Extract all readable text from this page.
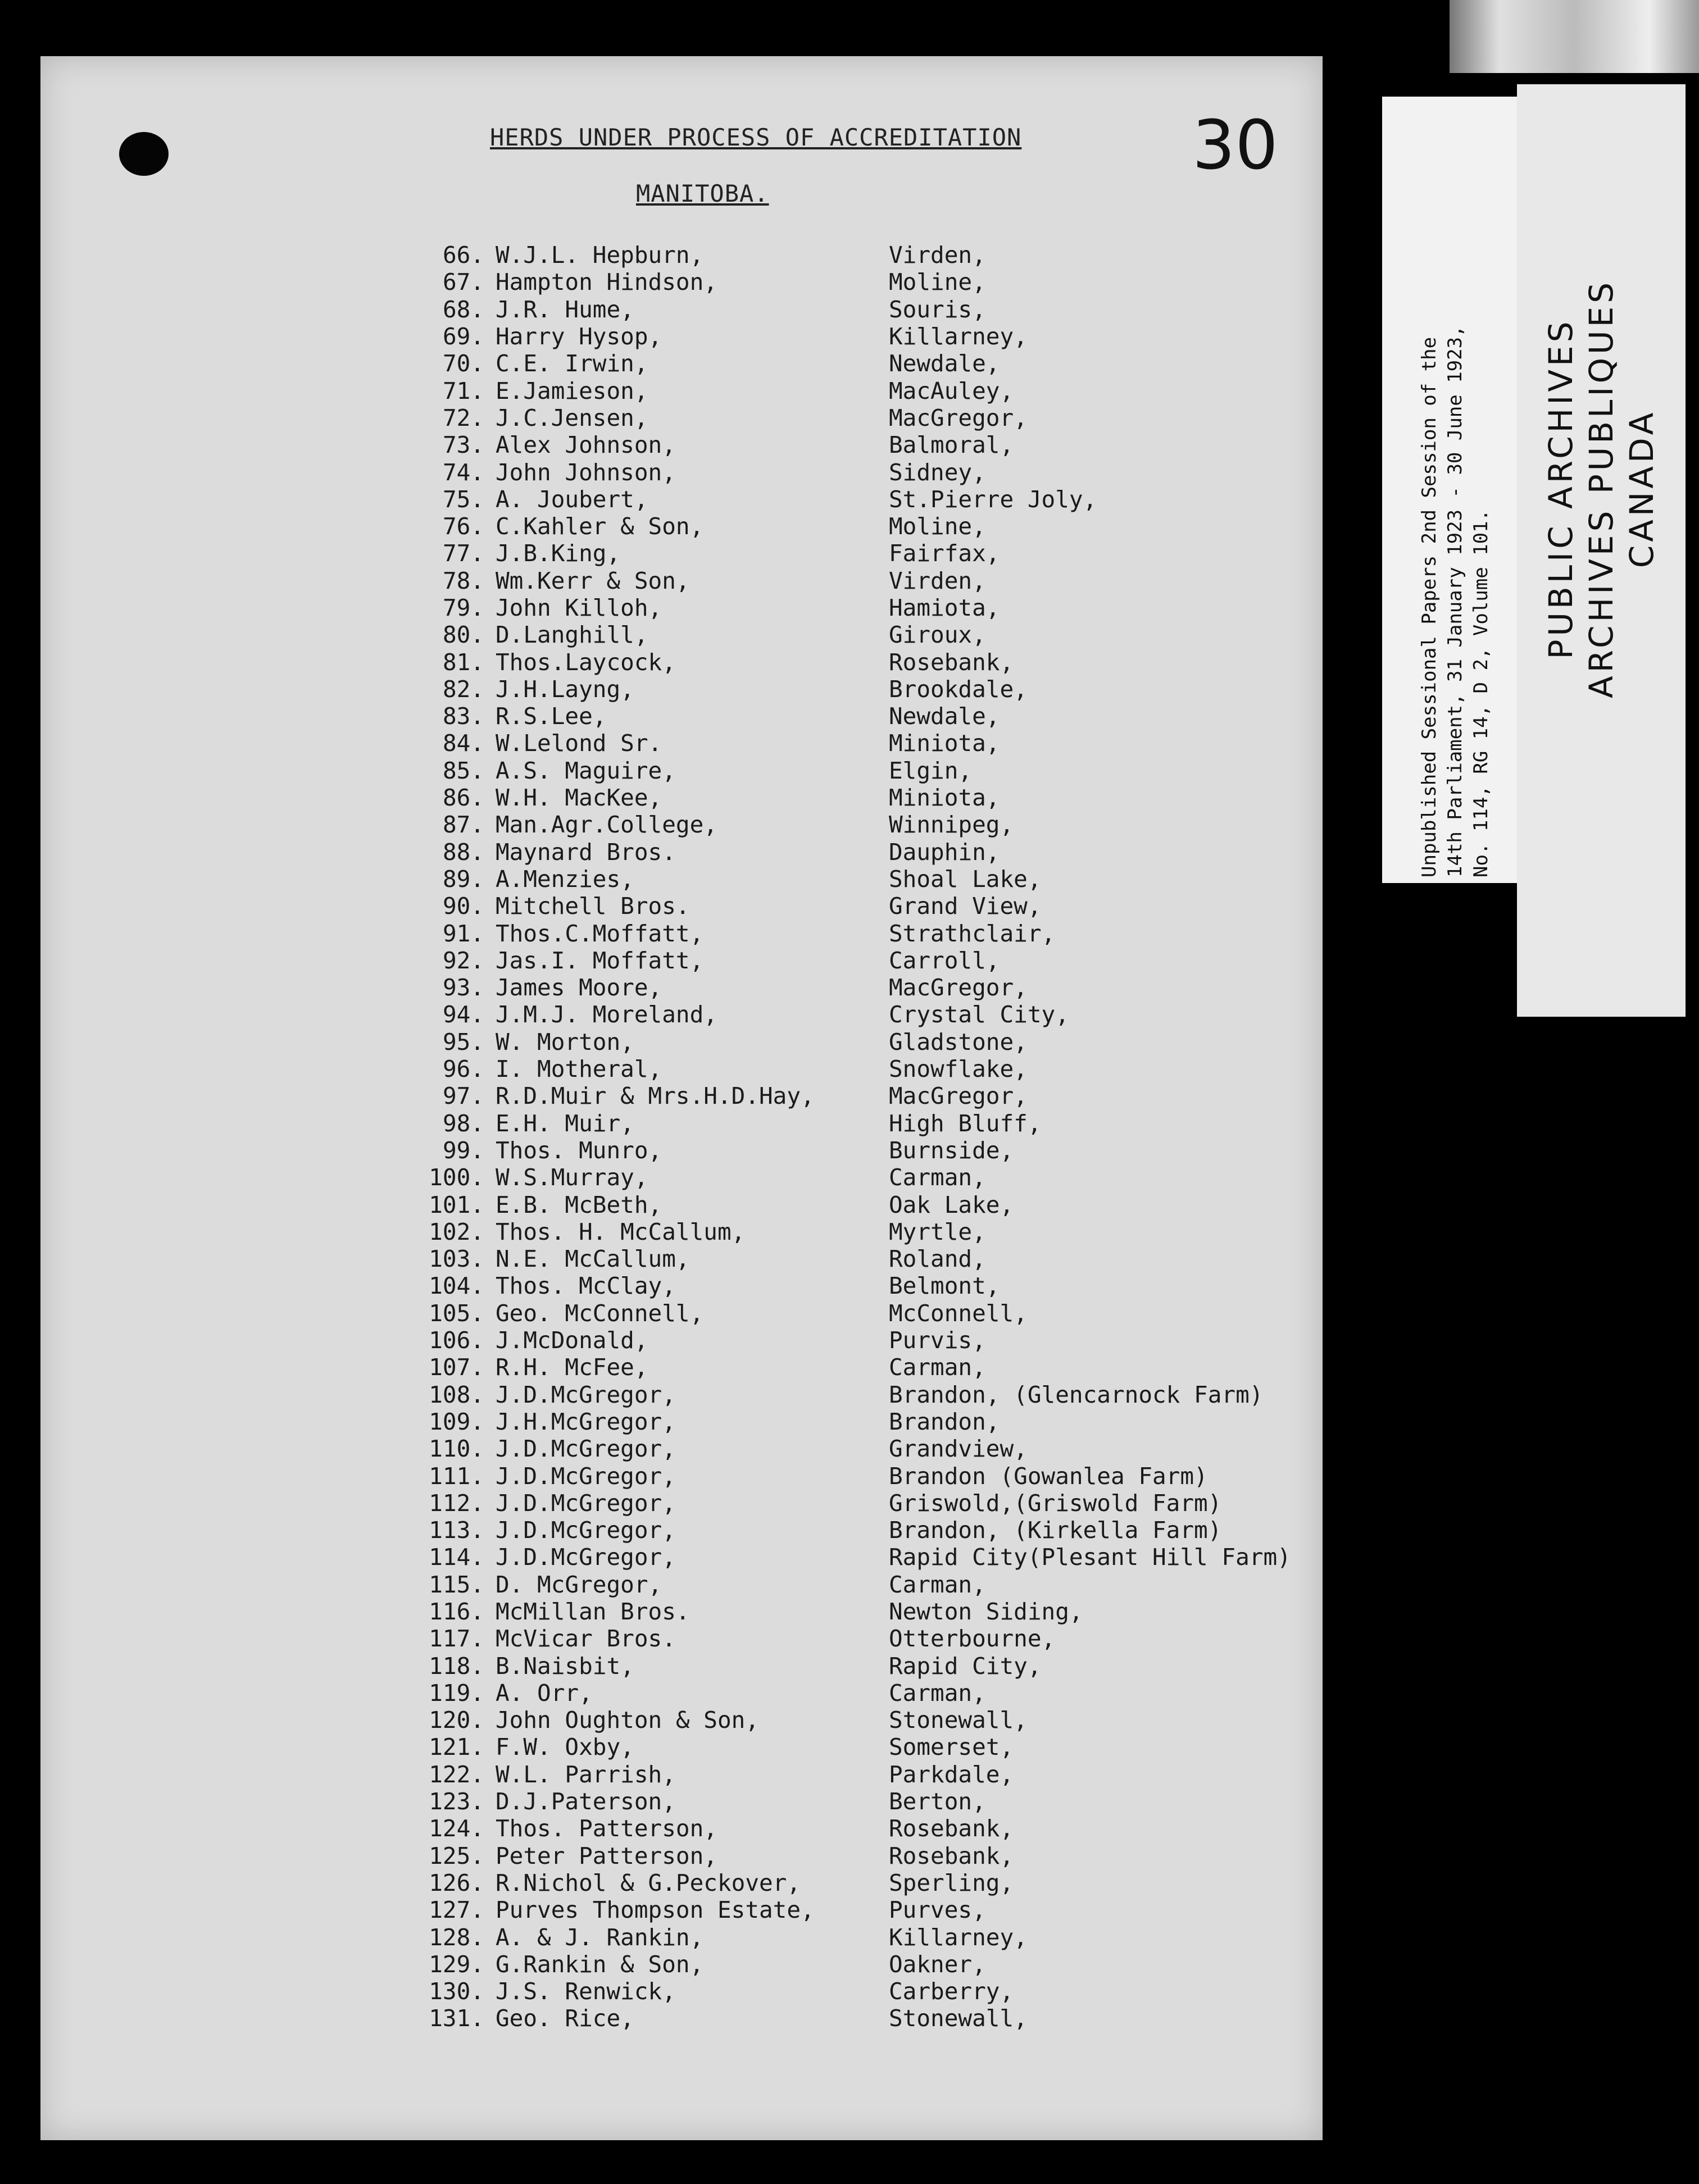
30
HERDS UNDER PROCESS OF ACCREDITATION
MANITOBA.
66. W.J.L. Hepburn,	Virden,
67. Hampton Hindson,	Moline,
68. J.R. Hume,	Souris,
69. Harry Hysop,	Killarney,
70. C.E. Irwin,	Newdale,
71. E.Jamieson,	MacAuley,
72. J.C.Jensen,	MacGregor,
73. Alex Johnson,	Balmoral,
74. John Johnson,	Sidney,
75. A. Joubert,	St.Pierre Joly,
76. C.Kahler & Son,	Moline,
77. J.B.King,	Fairfax,
78. Wm.Kerr & Son,	Virden,
79. John Killoh,	Hamiota,
80. D.Langhill,	Giroux,
81. Thos.Laycock,	Rosebank,
82. J.H.Layng,	Brookdale,
83. R.S.Lee,	Newdale,
84. W.Lelond Sr.	Miniota,
85. A.S. Maguire,	Elgin,
86. W.H. MacKee,	Miniota,
87. Man.Agr.College,	Winnipeg,
88. Maynard Bros.	Dauphin,
89. A.Menzies,	Shoal Lake,
90. Mitchell Bros.	Grand View,
91. Thos.C.Moffatt,	Strathclair,
92. Jas.I. Moffatt,	Carroll,
93. James Moore,	MacGregor,
94. J.M.J. Moreland,	Crystal City,
95. W. Morton,	Gladstone,
96. I. Motheral,	Snowflake,
97. R.D.Muir & Mrs.H.D.Hay,	MacGregor,
98. E.H. Muir,	High Bluff,
99. Thos. Munro,	Burnside,
100. W.S.Murray,	Carman,
101. E.B. McBeth,	Oak Lake,
102. Thos. H. McCallum,	Myrtle,
103. N.E. McCallum,	Roland,
104. Thos. McClay,	Belmont,
105. Geo. McConnell,	McConnell,
106. J.McDonald,	Purvis,
107. R.H. McFee,	Carman,
108. J.D.McGregor,	Brandon, (Glencarnock Farm)
109. J.H.McGregor,	Brandon,
110. J.D.McGregor,	Grandview,
111. J.D.McGregor,	Brandon (Gowanlea Farm)
112. J.D.McGregor,	Griswold,(Griswold Farm)
113. J.D.McGregor,	Brandon, (Kirkella Farm)
114. J.D.McGregor,	Rapid City(Plesant Hill Farm)
115. D. McGregor,	Carman,
116. McMillan Bros.	Newton Siding,
117. McVicar Bros.	Otterbourne,
118. B.Naisbit,	Rapid City,
119. A. Orr,	Carman,
120. John Oughton & Son,	Stonewall,
121. F.W. Oxby,	Somerset,
122. W.L. Parrish,	Parkdale,
123. D.J.Paterson,	Berton,
124. Thos. Patterson,	Rosebank,
125. Peter Patterson,	Rosebank,
126. R.Nichol & G.Peckover,	Sperling,
127. Purves Thompson Estate,	Purves,
128. A. & J. Rankin,	Killarney,
129. G.Rankin & Son,	Oakner,
130. J.S. Renwick,	Carberry,
131. Geo. Rice,	Stonewall,
Unpublished Sessional Papers 2nd Session of the 14th Parliament, 31 January 1923 - 30 June 1923, No. 114, RG 14, D 2, Volume 101.
PUBLIC ARCHIVES ARCHIVES PUBLIQUES CANADA
